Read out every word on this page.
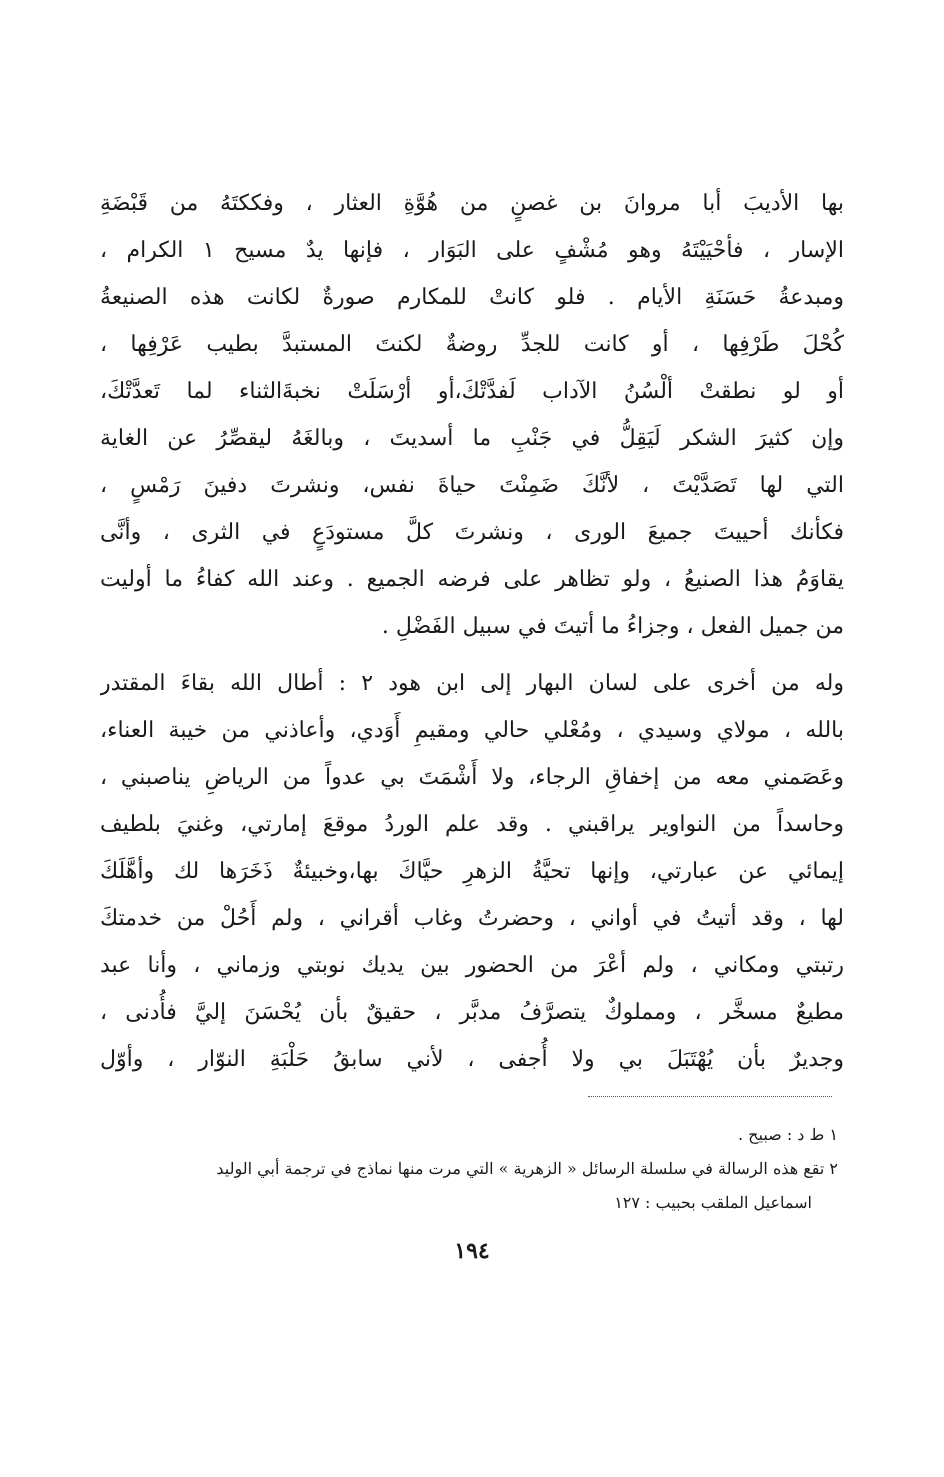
بها الأديبَ أبا مروانَ بن غصنٍ من هُوَّةِ العثار ، وفككتَهُ من قَبْضَةِ
الإسار ، فأحْيَيْتَهُ وهو مُشْفٍ على البَوَار ، فإنها يدٌ مسيح ١ الكرام ،
ومبدعةُ حَسَنَةِ الأيام . فلو كانتْ للمكارم صورةٌ لكانت هذه الصنيعةُ
كُحْلَ طَرْفِها ، أو كانت للجدِّ روضةٌ لكنتَ المستبدَّ بطيب عَرْفِها ،
أو لو نطقتْ ألْسُنُ الآداب لَفدَّتْكَ،أو أرْسَلَتْ نخبةَالثناء لما تَعدَّتْكَ،
وإن كثيرَ الشكر لَيَقِلُّ في جَنْبِ ما أسديتَ ، وبالغَهُ ليقصِّرُ عن الغاية
التي لها تَصَدَّيْتَ ، لأنَّكَ ضَمِنْتَ حياةَ نفس، ونشرتَ دفينَ رَمْسٍ ،
فكأنك أحييتَ جميعَ الورى ، ونشرتَ كلَّ مستودَعٍ في الثرى ، وأنَّى
يقاوَمُ هذا الصنيعُ ، ولو تظاهر على فرضه الجميع . وعند الله كفاءُ ما أوليت
من جميل الفعل ، وجزاءُ ما أتيتَ في سبيل الفَضْلِ .
وله من أخرى على لسان البهار إلى ابن هود ٢ : أطال الله بقاءَ المقتدر
بالله ، مولاي وسيدي ، ومُعْلي حالي ومقيمِ أَوَدي، وأعاذني من خيبة العناء،
وعَصَمني معه من إخفاقِ الرجاء، ولا أَشْمَتَ بي عدواً من الرياضِ يناصبني ،
وحاسداً من النواوير يراقبني . وقد علم الوردُ موقعَ إمارتي، وغنيَ بلطيف
إيمائي عن عبارتي، وإنها تحيَّةُ الزهرِ حيَّاكَ بها،وخبيئةٌ ذَخَرَها لك وأهَّلَكَ
لها ، وقد أتيتُ في أواني ، وحضرتُ وغاب أقراني ، ولم أَحُلْ من خدمتكَ
رتبتي ومكاني ، ولم أعْرَ من الحضور بين يديك نوبتي وزماني ، وأنا عبد
مطيعٌ مسخَّر ، ومملوكٌ يتصرَّفُ مدبَّر ، حقيقٌ بأن يُحْسَنَ إليَّ فأُدنى ،
وجديرٌ بأن يُهْتَبَلَ بي ولا أُجفى ، لأني سابقُ حَلْبَةِ النوّار ، وأوّل
١ ط د : صبيح .
٢ تقع هذه الرسالة في سلسلة الرسائل « الزهرية » التي مرت منها نماذج في ترجمة أبي الوليد
اسماعيل الملقب بحبيب : ١٢٧
١٩٤
